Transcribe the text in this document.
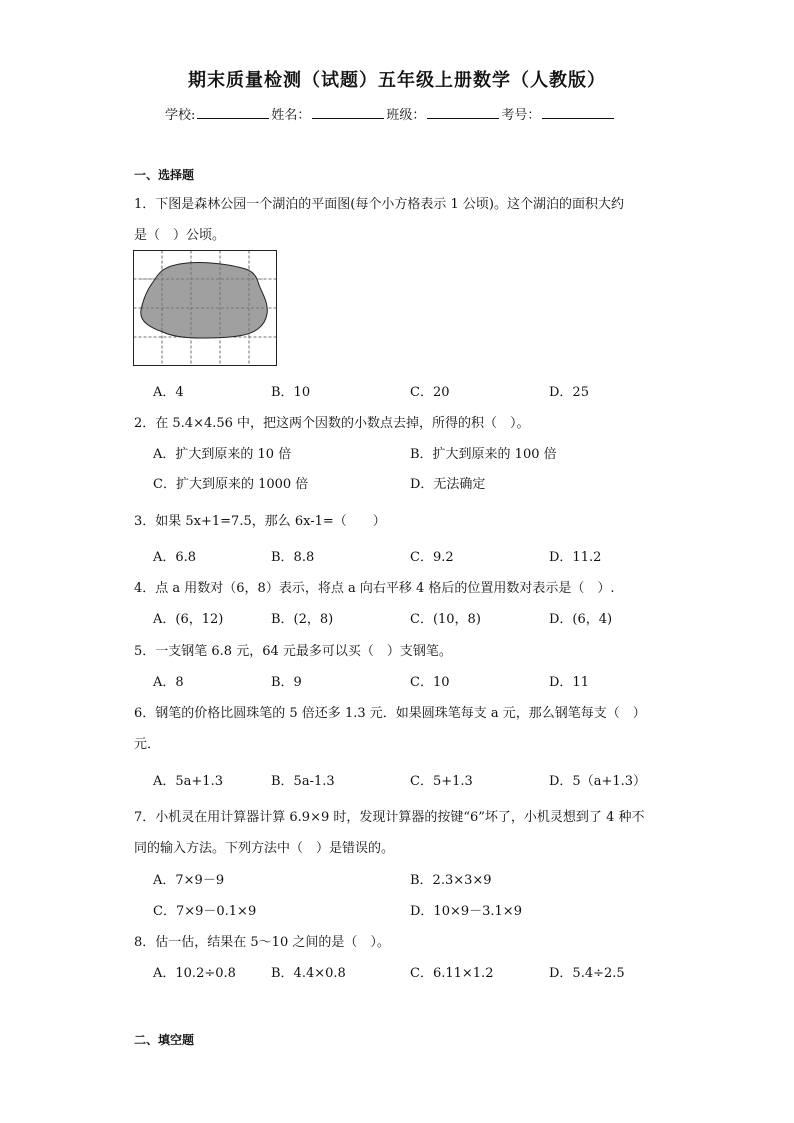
期末质量检测（试题）五年级上册数学（人教版）
学校:	姓名：	班级：	考号：
一、选择题
1．下图是森林公园一个湖泊的平面图(每个小方格表示 1 公顷)。这个湖泊的面积大约
是（　）公顷。
A．4	B．10	C．20	D．25
2．在 5.4×4.56 中，把这两个因数的小数点去掉，所得的积（　）。
A．扩大到原来的 10 倍	B．扩大到原来的 100 倍
C．扩大到原来的 1000 倍	D．无法确定
3．如果 5x+1=7.5，那么 6x-1=（　　）
A．6.8	B．8.8	C．9.2	D．11.2
4．点 a 用数对（6，8）表示，将点 a 向右平移 4 格后的位置用数对表示是（　）.
A．(6，12)	B．(2，8)	C．(10，8)	D．(6，4)
5．一支钢笔 6.8 元，64 元最多可以买（　）支钢笔。
A．8	B．9	C．10	D．11
6．钢笔的价格比圆珠笔的 5 倍还多 1.3 元．如果圆珠笔每支 a 元，那么钢笔每支（　）
元．
A．5a+1.3	B．5a-1.3	C．5+1.3	D．5（a+1.3）
7．小机灵在用计算器计算 6.9×9 时，发现计算器的按键“6”坏了，小机灵想到了 4 种不
同的输入方法。下列方法中（　）是错误的。
A．7×9－9	B．2.3×3×9
C．7×9－0.1×9	D．10×9－3.1×9
8．估一估，结果在 5～10 之间的是（　）。
A．10.2÷0.8	B．4.4×0.8	C．6.11×1.2	D．5.4÷2.5
二、填空题
